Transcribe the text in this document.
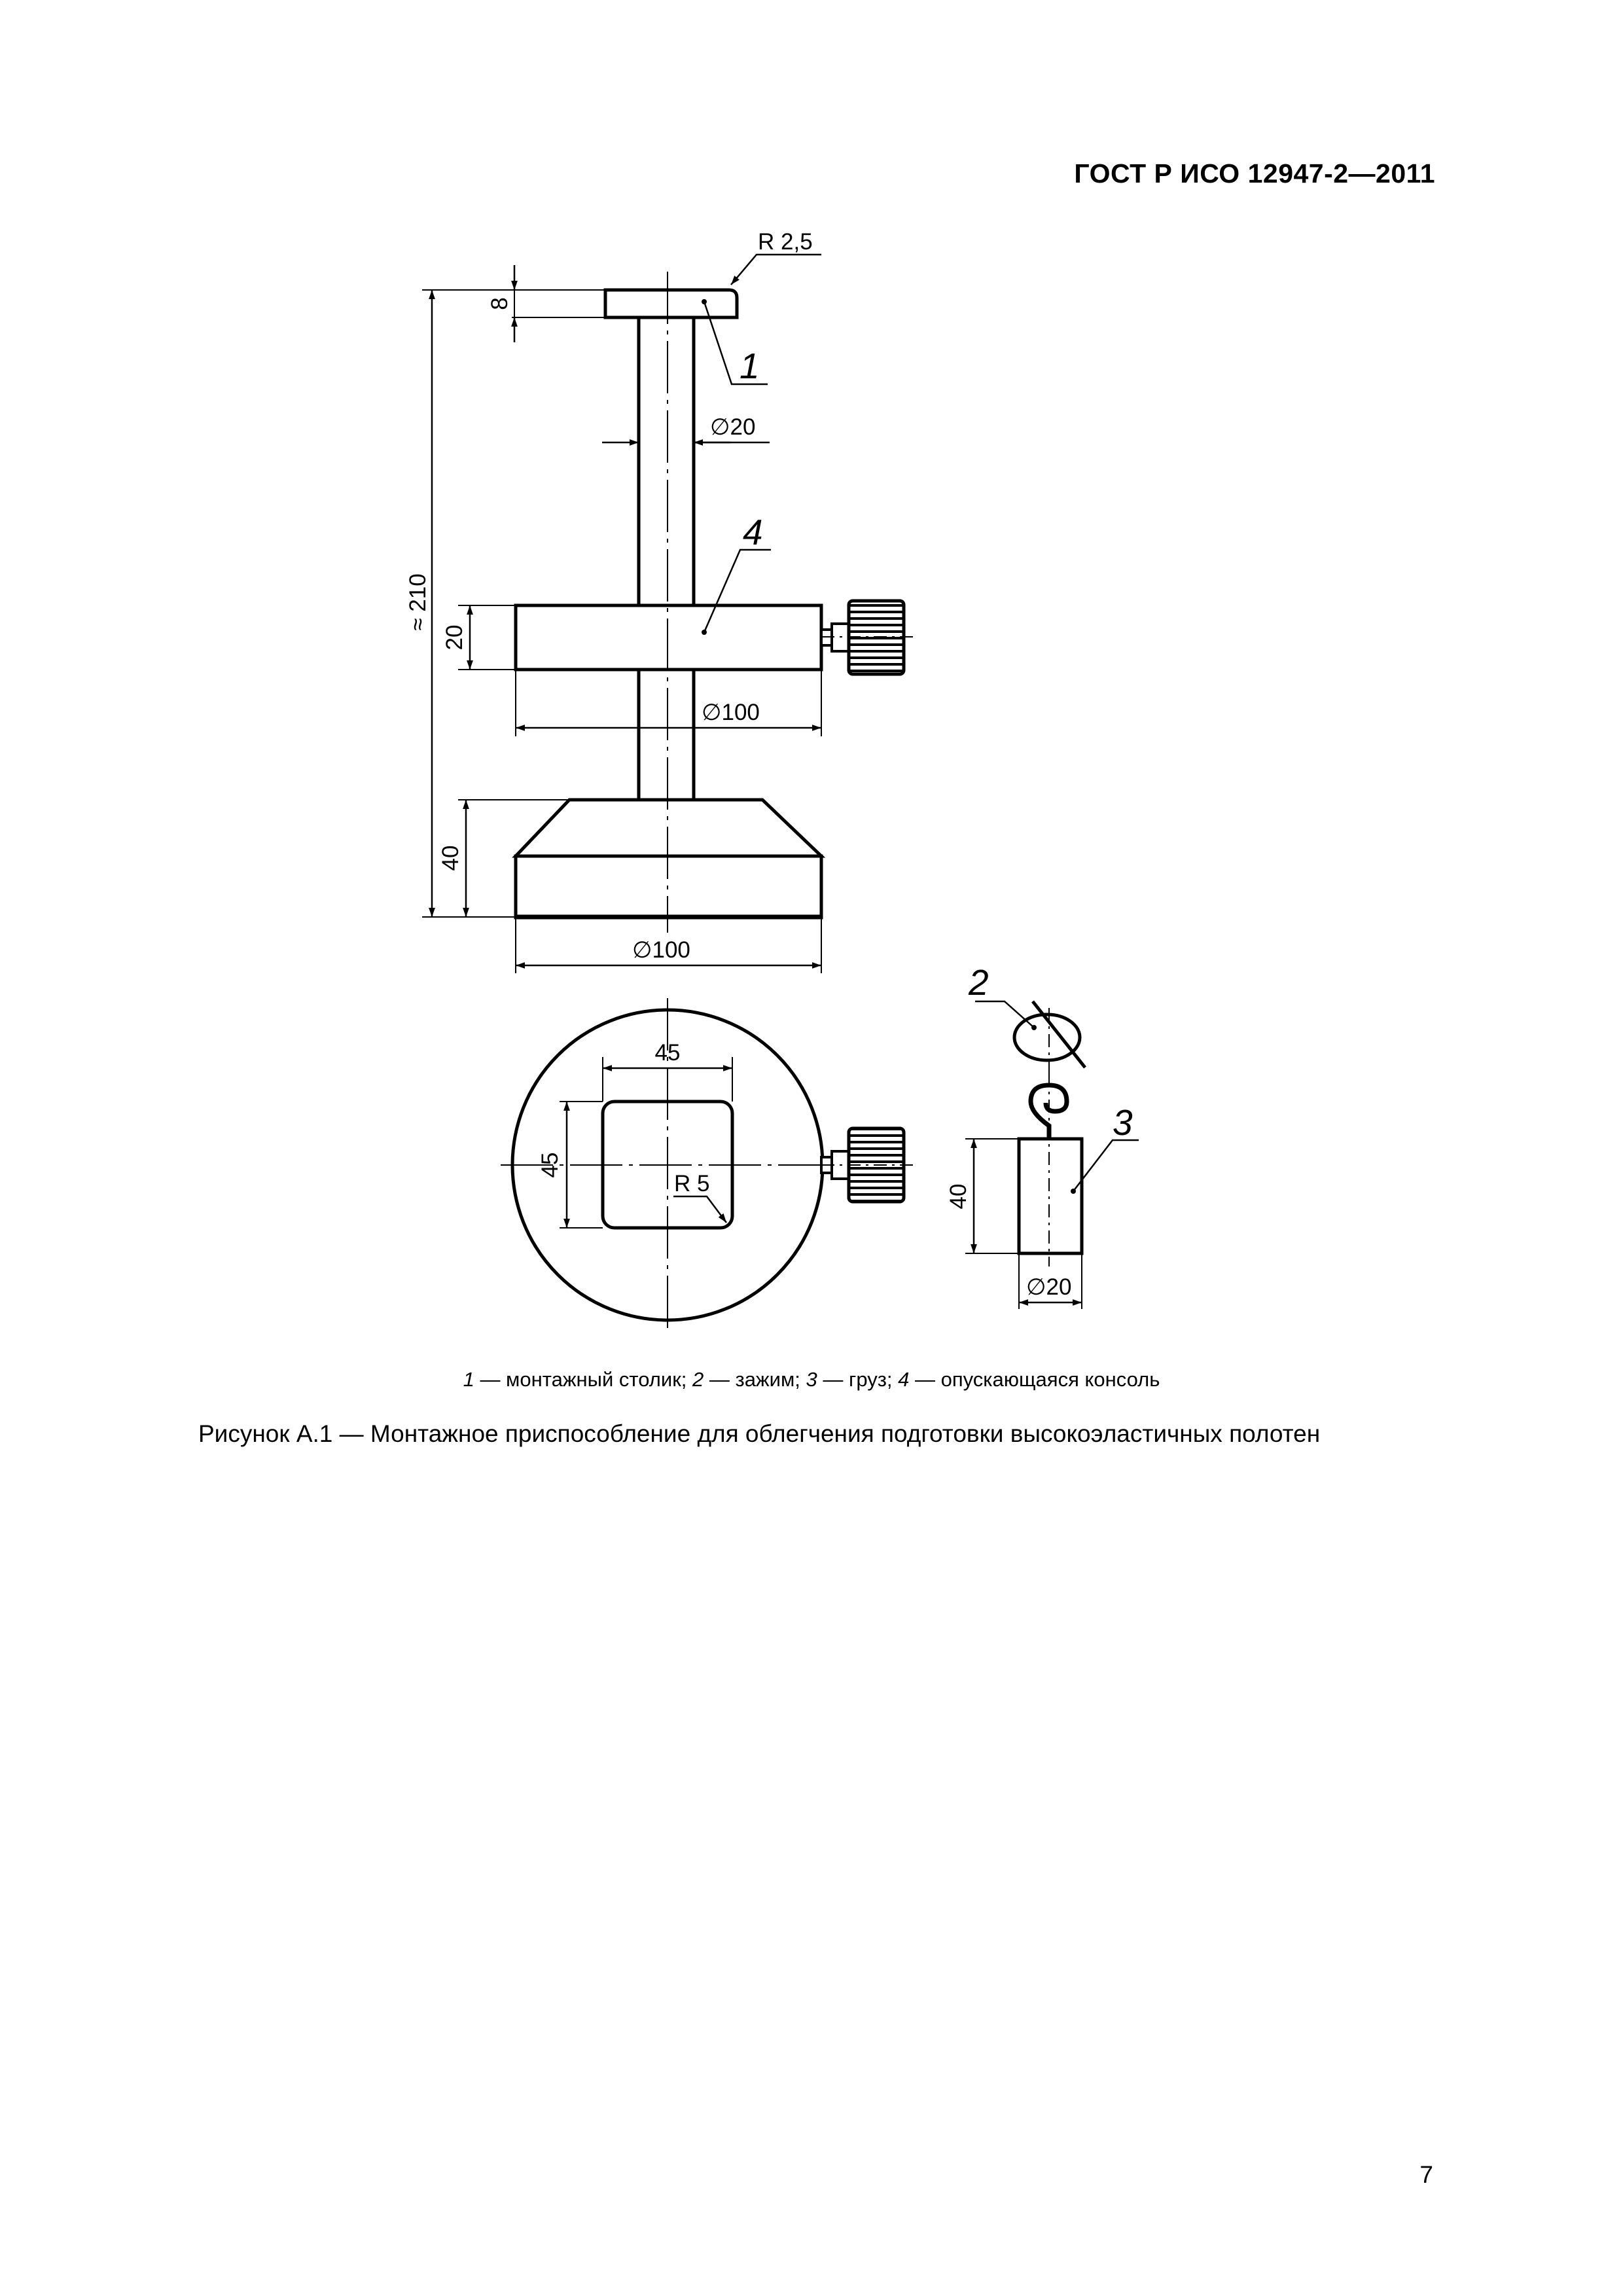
ГОСТ Р ИСО 12947-2—2011
R 2,5
8
∅20
≈ 210
20
∅100
40
∅100
45
45
R 5	40
∅20
1
4
2
3
1 — монтажный столик; 2 — зажим; 3 — груз; 4 — опускающаяся консоль
Рисунок А.1 — Монтажное приспособление для облегчения подготовки высокоэластичных полотен
7
